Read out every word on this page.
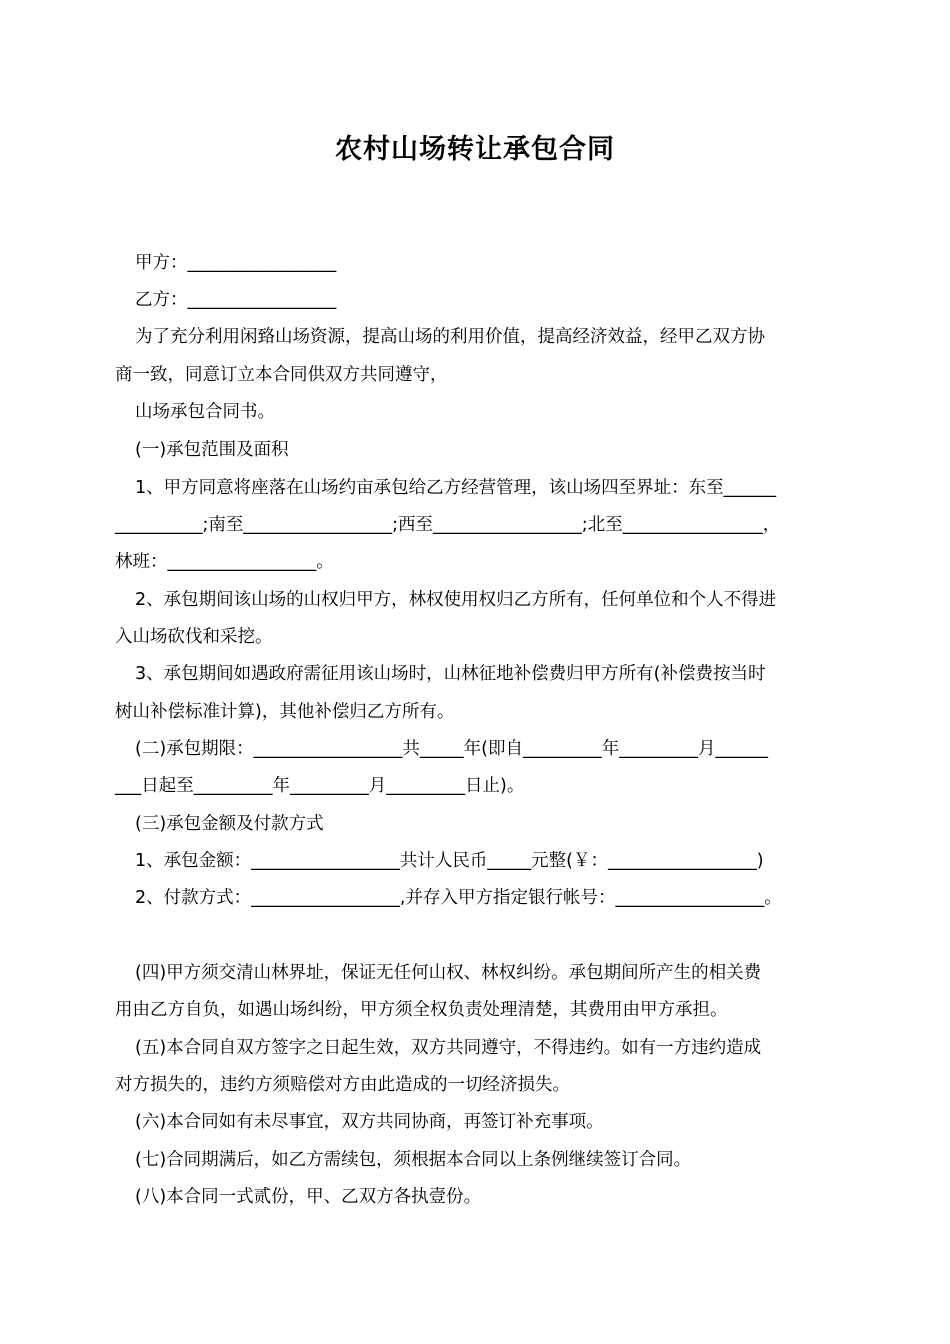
农村山场转让承包合同
甲方：_________________
乙方：_________________
为了充分利用闲臵山场资源，提高山场的利用价值，提高经济效益，经甲乙双方协
商一致，同意订立本合同供双方共同遵守，
山场承包合同书。
(一)承包范围及面积
1、甲方同意将座落在山场约亩承包给乙方经营管理，该山场四至界址：东至______
__________;南至_________________;西至_________________;北至________________，
林班：_________________。
2、承包期间该山场的山权归甲方，林权使用权归乙方所有，任何单位和个人不得进
入山场砍伐和采挖。
3、承包期间如遇政府需征用该山场时，山林征地补偿费归甲方所有(补偿费按当时
树山补偿标准计算)，其他补偿归乙方所有。
(二)承包期限：_________________共_____年(即自_________年_________月______
___日起至_________年_________月_________日止)。
(三)承包金额及付款方式
1、承包金额：_________________共计人民币_____元整(￥：_________________)
2、付款方式：_________________,并存入甲方指定银行帐号：_________________。
(四)甲方须交清山林界址，保证无任何山权、林权纠纷。承包期间所产生的相关费
用由乙方自负，如遇山场纠纷，甲方须全权负责处理清楚，其费用由甲方承担。
(五)本合同自双方签字之日起生效，双方共同遵守，不得违约。如有一方违约造成
对方损失的，违约方须赔偿对方由此造成的一切经济损失。
(六)本合同如有未尽事宜，双方共同协商，再签订补充事项。
(七)合同期满后，如乙方需续包，须根据本合同以上条例继续签订合同。
(八)本合同一式贰份，甲、乙双方各执壹份。
